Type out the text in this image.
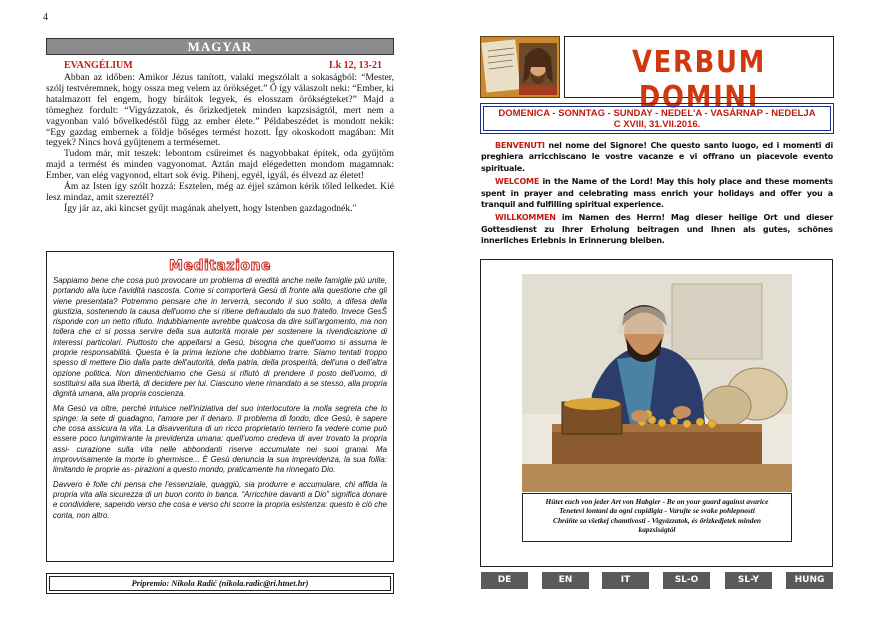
4
MAGYAR
EVANGÉLIUM	Lk 12, 13-21

Abban az időben: Amikor Jézus tanított, valaki megszólalt a sokaságból: “Mester, szólj testvéremnek, hogy ossza meg velem az örökséget.” Ő így válaszolt neki: “Ember, ki hatalmazott fel engem, hogy bíráitok legyek, és elosszam örökségteket?” Majd a tömeghez fordult: “Vigyázzatok, és őrizkedjetek minden kapzsiságtól, mert nem a vagyonban való bővelkedéstől függ az ember élete.” Példabeszédet is mondott nekik: “Egy gazdag embernek a földje bőséges termést hozott. Így okoskodott magában: Mit tegyek? Nincs hová gyűjtenem a termésemet.

Tudom már, mit teszek: lebontom csűreimet és nagyobbakat építek, oda gyűjtöm majd a termést és minden vagyonomat. Aztán majd elégedetten mondom magamnak: Ember, van elég vagyonod, eltart sok évig. Pihenj, egyél, igyál, és élvezd az életet!

Ám az Isten így szólt hozzá: Esztelen, még az éjjel számon kérik tőled lelkedet. Kié lesz mindaz, amit szereztél?

Így jár az, aki kincset gyűjt magának ahelyett, hogy Istenben gazdagodnék."

Meditazione

Sappiamo bene che cosa può provocare un problema di eredità anche nelle famiglie più unite, portando alla luce l'avidità nascosta. Come si comporterà Gesù di fronte alla questione che gli viene presentata? Potremmo pensare che in terverrà, secondo il suo solito, a difesa della giustizia, sostenendo la causa dell'uomo che si ritiene defraudato da suo fratello. Invece GesŠ risponde con un netto rifiuto. Indubbiamente avrebbe qualcosa da dire sull'argomento, ma non tollera che ci si possa servire della sua autorità morale per sostenere la rivendicazione di interessi particolari. Piuttosto che appellarsi a Gesù, bisogna che quell'uomo si assuma le proprie responsabilità. Questa è la prima lezione che dobbiamo trarre. Siamo tentati troppo spesso di mettere Dio dalla parte dell'autorità, della patria, della prosperità, dell'una o dell'altra opzione politica. Non dimentichiamo che Gesù si rifiutò di prendere il posto dell'uomo, di sostituirsi alla sua libertà, di decidere per lui. Ciascuno viene rimandato a se stesso, alla propria dignità umana, alla propria coscienza.

Ma Gesù va oltre, perché intuisce nell'iniziativa del suo interlocutore la molla segreta che lo spinge: la sete di guadagno, l'amore per il denaro. Il problema di fondo, dice Gesù, è sapere che cosa assicura la vita. La disavventura di un ricco proprietario terriero fa vedere come può essere poco lungimirante la previdenza umana: quell'uomo credeva di aver trovato la propria assi- curazione sulla vita nelle abbondanti riserve accumulate nei suoi granai. Ma improvvisamente la morte lo ghermisce... È Gesù denuncia la sua imprevidenza, la sua follia: limitando le proprie as- pirazioni a questo mondo, praticamente ha rinnegato Dio.

Davvero è folle chi pensa che l'essenziale, quaggiù, sia produrre e accumulare, chi affida la propria vita alla sicurezza di un buon conto in banca. “Arricchire davanti a Dio” significa donare e condividere, sapendo verso che cosa e verso chi scorre la propria esistenza: questo è ciò che conta, non altro.

Pripremio: Nikola Radić (nikola.radic@ri.htnet.hr)
VERBUM DOMINI
DOMENICA - SONNTAG - SUNDAY - NEDEL'A - VASÁRNAP - NEDELJA
C XVIII, 31.VII.2016.

BENVENUTI nel nome del Signore! Che questo santo luogo, ed i momenti di preghiera arricchiscano le vostre vacanze e vi offrano un piacevole evento spirituale.

WELCOME in the Name of the Lord! May this holy place and these moments spent in prayer and celebrating mass enrich your holidays and offer you a tranquil and fulfilling spiritual experience.

WILLKOMMEN im Namen des Herrn! Mag dieser heilige Ort und dieser Gottesdienst zu Ihrer Erholung beitragen und Ihnen als gutes, schönes innerliches Erlebnis in Erinnerung bleiben.

Hütet euch von jeder Art von Habgier - Be on your guard against avarice
Tenetevi lontani da ogni cupidigia - Varujte se svake pohlepnosti
Chráňte sa všetkej chamtivosti - Vigyázzatok, és őrizkedjetek minden
kapzsiságtól
DE	EN	IT	SL-O	SL-Y	HUNG
